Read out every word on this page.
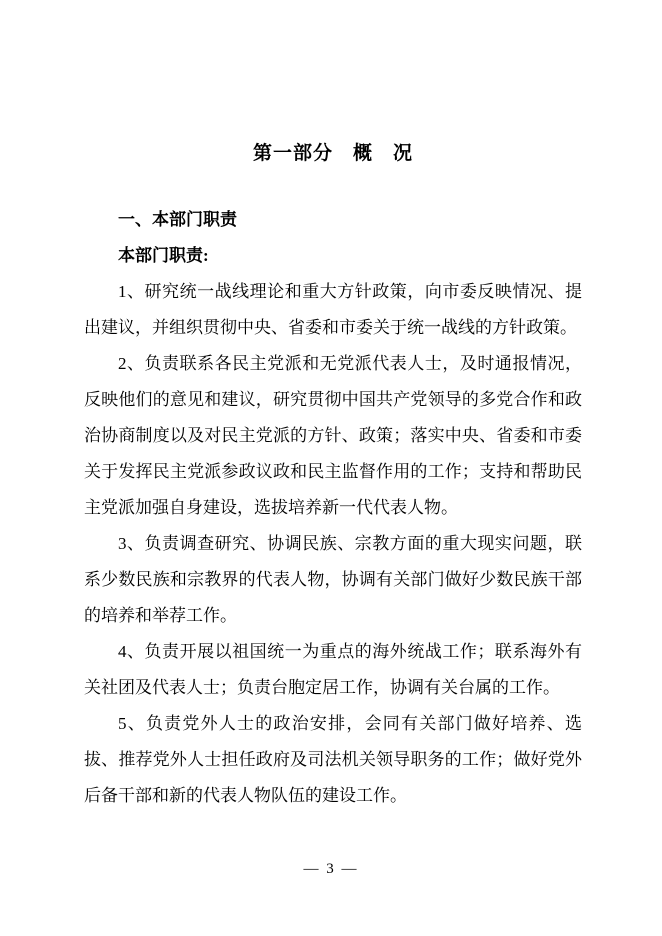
第一部分　概　况

一、本部门职责

本部门职责:

1、研究统一战线理论和重大方针政策，向市委反映情况、提出建议，并组织贯彻中央、省委和市委关于统一战线的方针政策。

2、负责联系各民主党派和无党派代表人士，及时通报情况，反映他们的意见和建议，研究贯彻中国共产党领导的多党合作和政治协商制度以及对民主党派的方针、政策；落实中央、省委和市委关于发挥民主党派参政议政和民主监督作用的工作；支持和帮助民主党派加强自身建设，选拔培养新一代代表人物。

3、负责调查研究、协调民族、宗教方面的重大现实问题，联系少数民族和宗教界的代表人物，协调有关部门做好少数民族干部的培养和举荐工作。

4、负责开展以祖国统一为重点的海外统战工作；联系海外有关社团及代表人士；负责台胞定居工作，协调有关台属的工作。

5、负责党外人士的政治安排，会同有关部门做好培养、选拔、推荐党外人士担任政府及司法机关领导职务的工作；做好党外后备干部和新的代表人物队伍的建设工作。

— 3 —
